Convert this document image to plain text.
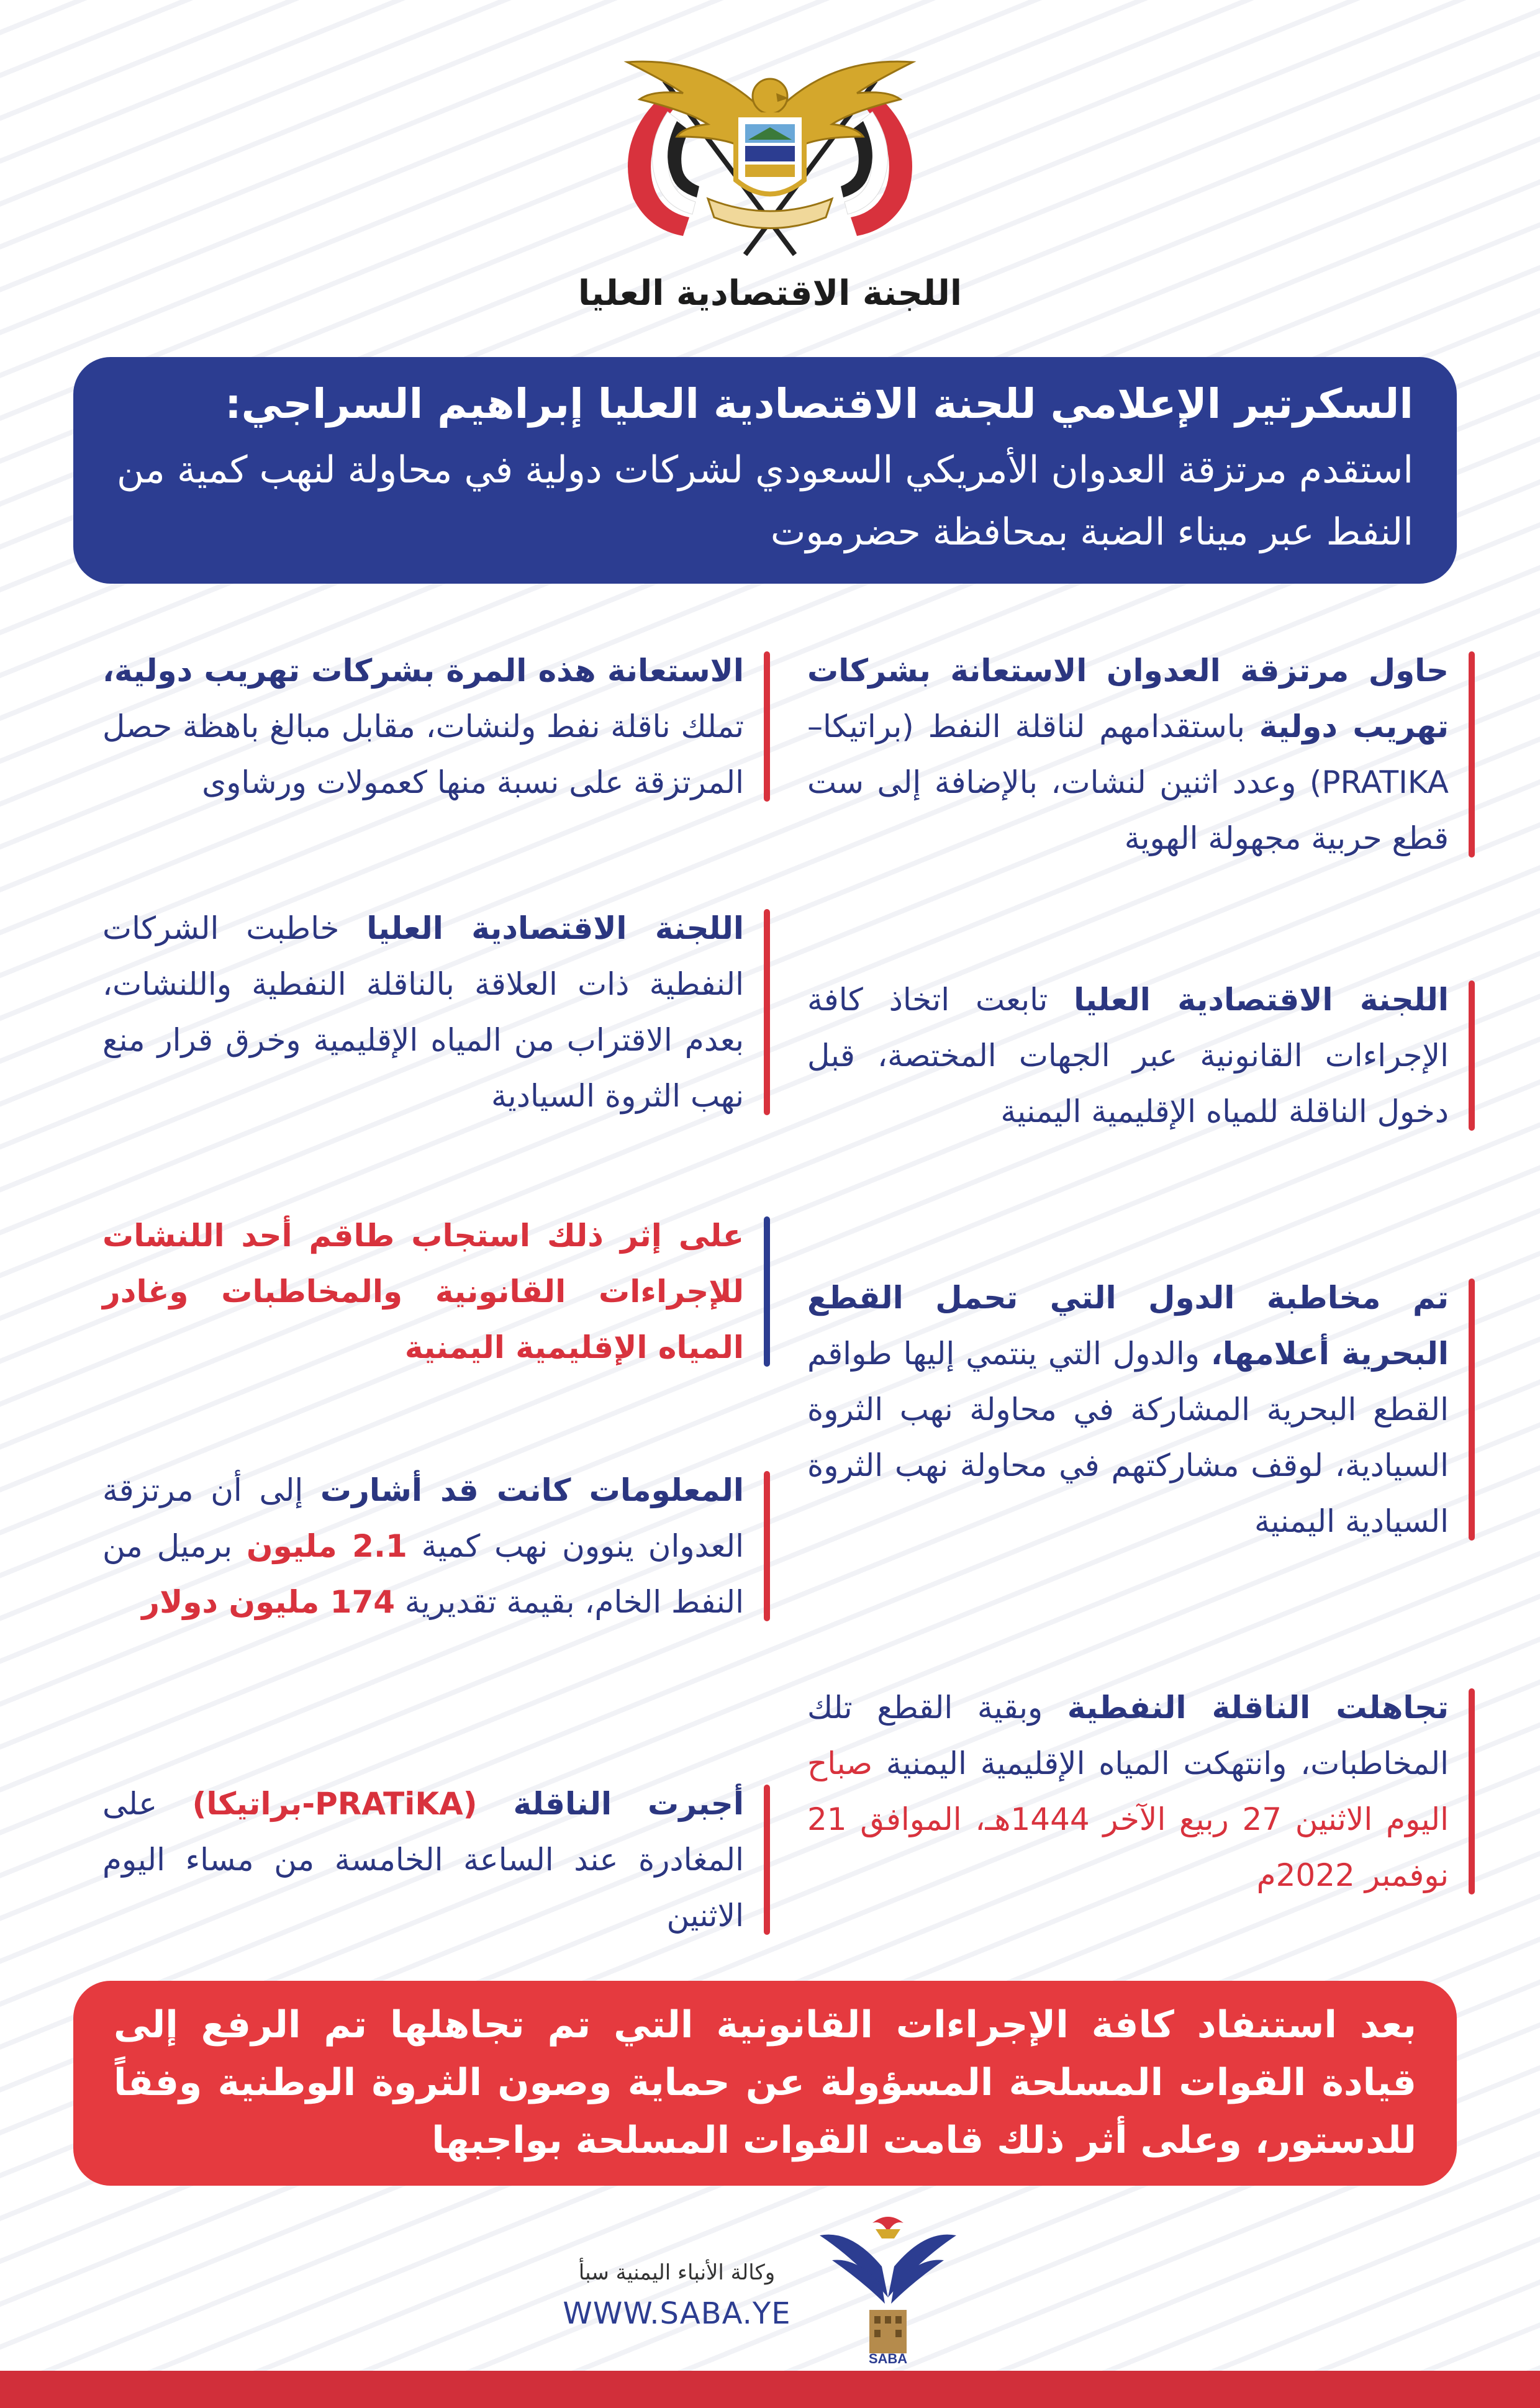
اللجنة الاقتصادية العليا
السكرتير الإعلامي للجنة الاقتصادية العليا إبراهيم السراجي:
استقدم مرتزقة العدوان الأمريكي السعودي لشركات دولية في محاولة لنهب كمية من النفط عبر ميناء الضبة بمحافظة حضرموت
حاول مرتزقة العدوان الاستعانة بشركات تهريب دولية باستقدامهم لناقلة النفط (براتيكا–PRATIKA) وعدد اثنين لنشات، بالإضافة إلى ست قطع حربية مجهولة الهوية
اللجنة الاقتصادية العليا تابعت اتخاذ كافة الإجراءات القانونية عبر الجهات المختصة، قبل دخول الناقلة للمياه الإقليمية اليمنية
تم مخاطبة الدول التي تحمل القطع البحرية أعلامها، والدول التي ينتمي إليها طواقم القطع البحرية المشاركة في محاولة نهب الثروة السيادية، لوقف مشاركتهم في محاولة نهب الثروة السيادية اليمنية
تجاهلت الناقلة النفطية وبقية القطع تلك المخاطبات، وانتهكت المياه الإقليمية اليمنية صباح اليوم الاثنين 27 ربيع الآخر 1444هـ، الموافق 21 نوفمبر 2022م
الاستعانة هذه المرة بشركات تهريب دولية، تملك ناقلة نفط ولنشات، مقابل مبالغ باهظة حصل المرتزقة على نسبة منها كعمولات ورشاوى
اللجنة الاقتصادية العليا خاطبت الشركات النفطية ذات العلاقة بالناقلة النفطية واللنشات، بعدم الاقتراب من المياه الإقليمية وخرق قرار منع نهب الثروة السيادية
على إثر ذلك استجاب طاقم أحد اللنشات للإجراءات القانونية والمخاطبات وغادر المياه الإقليمية اليمنية
المعلومات كانت قد أشارت إلى أن مرتزقة العدوان ينوون نهب كمية 2.1 مليون برميل من النفط الخام، بقيمة تقديرية 174 مليون دولار
أجبرت الناقلة (PRATiKA-براتيكا) على المغادرة عند الساعة الخامسة من مساء اليوم الاثنين
بعد استنفاد كافة الإجراءات القانونية التي تم تجاهلها تم الرفع إلى قيادة القوات المسلحة المسؤولة عن حماية وصون الثروة الوطنية وفقاً للدستور، وعلى أثر ذلك قامت القوات المسلحة بواجبها
SABA
وكالة الأنباء اليمنية سبأ
WWW.SABA.YE
